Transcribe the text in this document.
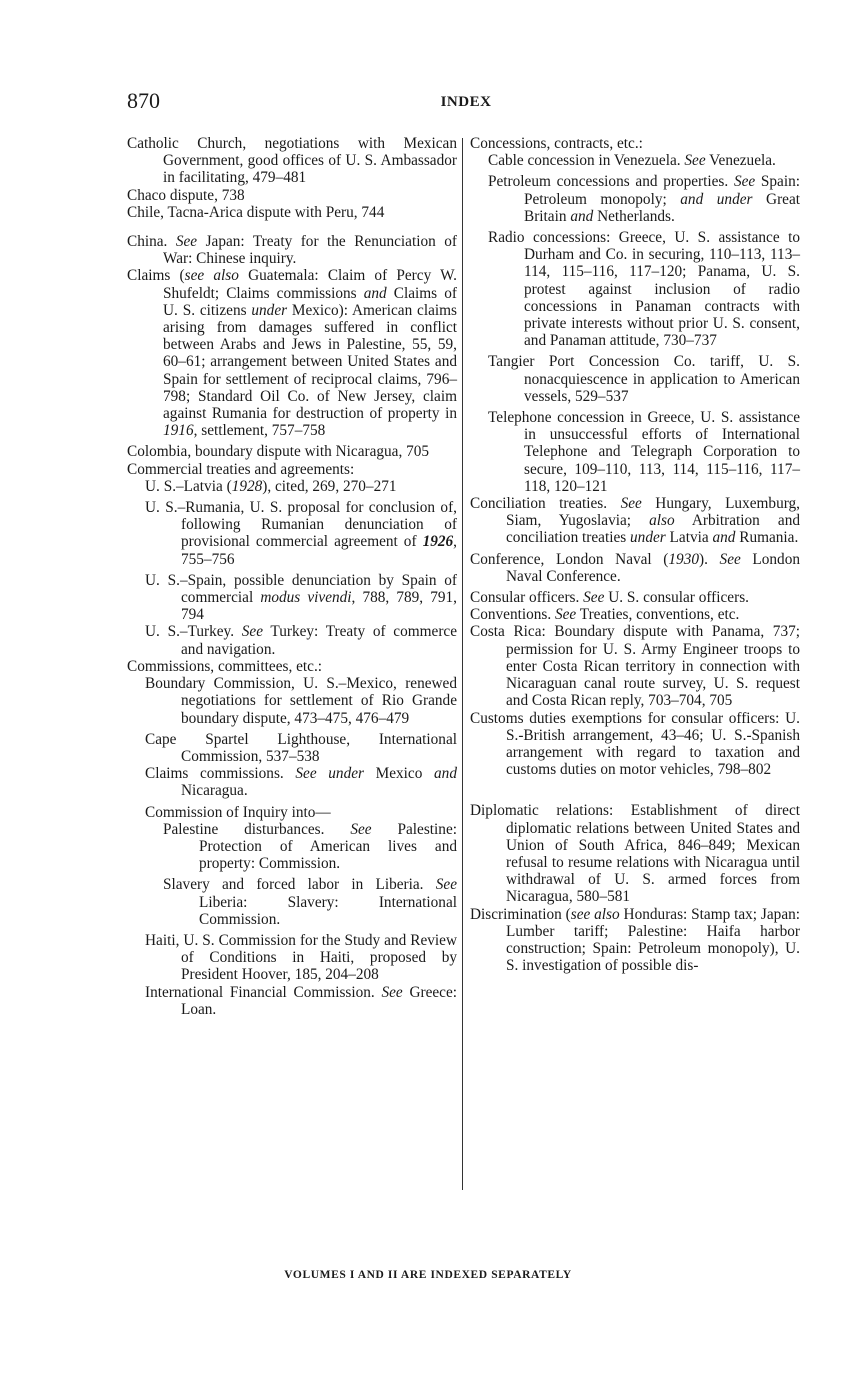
870	INDEX

Catholic Church, negotiations with Mexican Government, good offices of U. S. Ambassador in facilitating, 479–481

Chaco dispute, 738

Chile, Tacna-Arica dispute with Peru, 744

China. See Japan: Treaty for the Renunciation of War: Chinese inquiry.

Claims (see also Guatemala: Claim of Percy W. Shufeldt; Claims commissions and Claims of U. S. citizens under Mexico): American claims arising from damages suffered in conflict between Arabs and Jews in Palestine, 55, 59, 60–61; arrangement between United States and Spain for settlement of reciprocal claims, 796–798; Standard Oil Co. of New Jersey, claim against Rumania for destruction of property in 1916, settlement, 757–758

Colombia, boundary dispute with Nicaragua, 705

Commercial treaties and agreements:

U. S.–Latvia (1928), cited, 269, 270–271

U. S.–Rumania, U. S. proposal for conclusion of, following Rumanian denunciation of provisional commercial agreement of 1926, 755–756

U. S.–Spain, possible denunciation by Spain of commercial modus vivendi, 788, 789, 791, 794

U. S.–Turkey. See Turkey: Treaty of commerce and navigation.

Commissions, committees, etc.:

Boundary Commission, U. S.–Mexico, renewed negotiations for settlement of Rio Grande boundary dispute, 473–475, 476–479

Cape Spartel Lighthouse, International Commission, 537–538

Claims commissions. See under Mexico and Nicaragua.

Commission of Inquiry into—

Palestine disturbances. See Palestine: Protection of American lives and property: Commission.

Slavery and forced labor in Liberia. See Liberia: Slavery: International Commission.

Haiti, U. S. Commission for the Study and Review of Conditions in Haiti, proposed by President Hoover, 185, 204–208

International Financial Commission. See Greece: Loan.

Concessions, contracts, etc.:

Cable concession in Venezuela. See Venezuela.

Petroleum concessions and properties. See Spain: Petroleum monopoly; and under Great Britain and Netherlands.

Radio concessions: Greece, U. S. assistance to Durham and Co. in securing, 110–113, 113–114, 115–116, 117–120; Panama, U. S. protest against inclusion of radio concessions in Panaman contracts with private interests without prior U. S. consent, and Panaman attitude, 730–737

Tangier Port Concession Co. tariff, U. S. nonacquiescence in application to American vessels, 529–537

Telephone concession in Greece, U. S. assistance in unsuccessful efforts of International Telephone and Telegraph Corporation to secure, 109–110, 113, 114, 115–116, 117–118, 120–121

Conciliation treaties. See Hungary, Luxemburg, Siam, Yugoslavia; also Arbitration and conciliation treaties under Latvia and Rumania.

Conference, London Naval (1930). See London Naval Conference.

Consular officers. See U. S. consular officers.

Conventions. See Treaties, conventions, etc.

Costa Rica: Boundary dispute with Panama, 737; permission for U. S. Army Engineer troops to enter Costa Rican territory in connection with Nicaraguan canal route survey, U. S. request and Costa Rican reply, 703–704, 705

Customs duties exemptions for consular officers: U. S.-British arrangement, 43–46; U. S.-Spanish arrangement with regard to taxation and customs duties on motor vehicles, 798–802

Diplomatic relations: Establishment of direct diplomatic relations between United States and Union of South Africa, 846–849; Mexican refusal to resume relations with Nicaragua until withdrawal of U. S. armed forces from Nicaragua, 580–581

Discrimination (see also Honduras: Stamp tax; Japan: Lumber tariff; Palestine: Haifa harbor construction; Spain: Petroleum monopoly), U. S. investigation of possible dis-

VOLUMES I AND II ARE INDEXED SEPARATELY
